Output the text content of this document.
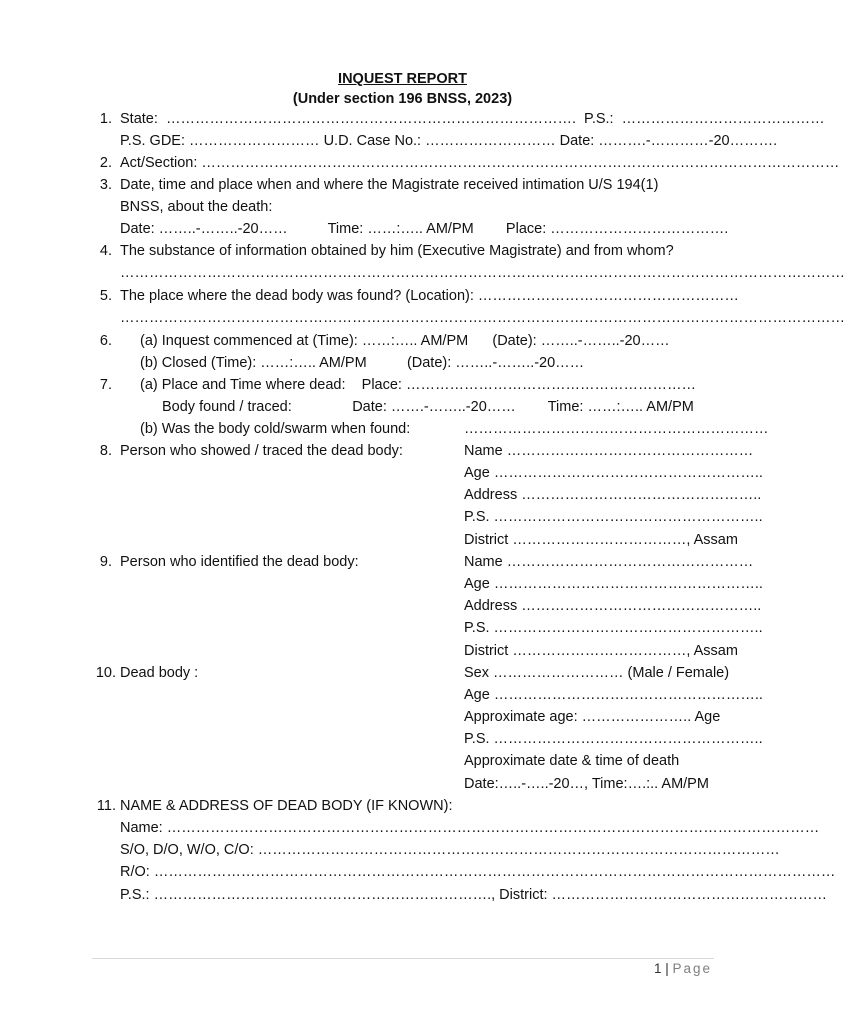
INQUEST REPORT
(Under section 196 BNSS, 2023)
1. State:  ………………………………………………………………………….  P.S.:  ……………………………………
P.S. GDE: ……………………… U.D. Case No.: ……………………… Date: ……….-…………-20……….
2. Act/Section: ……………………………………………………………………………………………………………………
3. Date, time and place when and where the Magistrate received intimation U/S 194(1)
BNSS, about the death:
Date: ……..-……..-20……          Time: ……:….. AM/PM        Place: ……………………………….
4. The substance of information obtained by him (Executive Magistrate) and from whom?
……………………………………………………………………………………………………………………………………
5. The place where the dead body was found? (Location): ………………………………………………
……………………………………………………………………………………………………………………………………
6. (a) Inquest commenced at (Time): ……:….. AM/PM      (Date): ……..-……..-20……
(b) Closed (Time): ……:….. AM/PM          (Date): ……..-……..-20……
7. (a) Place and Time where dead:    Place: ……………………………………………………
Body found / traced:               Date: …….-……..-20……        Time: ……:….. AM/PM
(b) Was the body cold/swarm when found:	………………………………………………………
8. Person who showed / traced the dead body:	Name ……………………………………………
Age ………………………………………………..
Address …………………………………………..
P.S. ………………………………………………..
District ………………………………, Assam
9. Person who identified the dead body:	Name ……………………………………………
Age ………………………………………………..
Address …………………………………………..
P.S. ………………………………………………..
District ………………………………, Assam
10. Dead body :	Sex ……………………… (Male / Female)
Age ………………………………………………..
Approximate age: ………………….. Age
P.S. ………………………………………………..
Approximate date & time of death
Date:…..-…..-20…, Time:….:.. AM/PM
11. NAME & ADDRESS OF DEAD BODY (IF KNOWN):
Name: ………………………………………………………………………………………………………………………
S/O, D/O, W/O, C/O: ………………………………………………………………………………………………
R/O: ……………………………………………………………………………………………………………………………
P.S.: ……………………………………………………………., District: …………………………………………………
1 | Page
